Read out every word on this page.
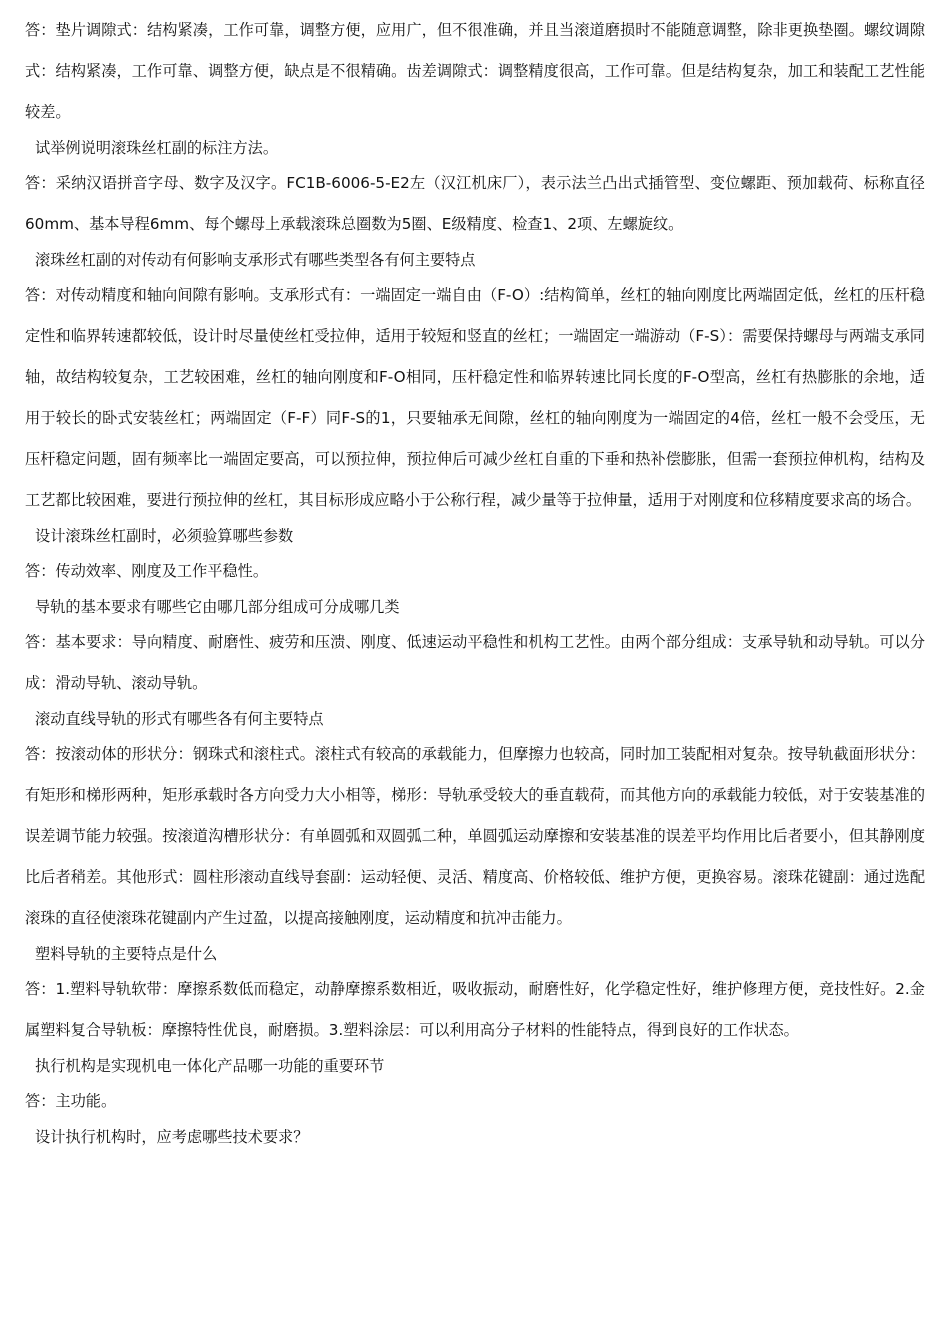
答：垫片调隙式：结构紧凑，工作可靠，调整方便，应用广，但不很准确，并且当滚道磨损时不能随意调整，除非更换垫圈。螺纹调隙式：结构紧凑，工作可靠、调整方便，缺点是不很精确。齿差调隙式：调整精度很高，工作可靠。但是结构复杂，加工和装配工艺性能较差。

试举例说明滚珠丝杠副的标注方法。

答：采纳汉语拼音字母、数字及汉字。FC1B-6006-5-E2左（汉江机床厂），表示法兰凸出式插管型、变位螺距、预加载荷、标称直径60mm、基本导程6mm、每个螺母上承载滚珠总圈数为5圈、E级精度、检查1、2项、左螺旋纹。

滚珠丝杠副的对传动有何影响支承形式有哪些类型各有何主要特点

答：对传动精度和轴向间隙有影响。支承形式有：一端固定一端自由（F-O）:结构简单，丝杠的轴向刚度比两端固定低，丝杠的压杆稳定性和临界转速都较低，设计时尽量使丝杠受拉伸，适用于较短和竖直的丝杠；一端固定一端游动（F-S）：需要保持螺母与两端支承同轴，故结构较复杂，工艺较困难，丝杠的轴向刚度和F-O相同，压杆稳定性和临界转速比同长度的F-O型高，丝杠有热膨胀的余地，适用于较长的卧式安装丝杠；两端固定（F-F）同F-S的1，只要轴承无间隙，丝杠的轴向刚度为一端固定的4倍，丝杠一般不会受压，无压杆稳定问题，固有频率比一端固定要高，可以预拉伸，预拉伸后可减少丝杠自重的下垂和热补偿膨胀，但需一套预拉伸机构，结构及工艺都比较困难，要进行预拉伸的丝杠，其目标形成应略小于公称行程，减少量等于拉伸量，适用于对刚度和位移精度要求高的场合。

设计滚珠丝杠副时，必须验算哪些参数

答：传动效率、刚度及工作平稳性。

导轨的基本要求有哪些它由哪几部分组成可分成哪几类

答：基本要求：导向精度、耐磨性、疲劳和压溃、刚度、低速运动平稳性和机构工艺性。由两个部分组成：支承导轨和动导轨。可以分成：滑动导轨、滚动导轨。

滚动直线导轨的形式有哪些各有何主要特点

答：按滚动体的形状分：钢珠式和滚柱式。滚柱式有较高的承载能力，但摩擦力也较高，同时加工装配相对复杂。按导轨截面形状分：有矩形和梯形两种，矩形承载时各方向受力大小相等，梯形：导轨承受较大的垂直载荷，而其他方向的承载能力较低，对于安装基准的误差调节能力较强。按滚道沟槽形状分：有单圆弧和双圆弧二种，单圆弧运动摩擦和安装基准的误差平均作用比后者要小，但其静刚度比后者稍差。其他形式：圆柱形滚动直线导套副：运动轻便、灵活、精度高、价格较低、维护方便，更换容易。滚珠花键副：通过选配滚珠的直径使滚珠花键副内产生过盈，以提高接触刚度，运动精度和抗冲击能力。

塑料导轨的主要特点是什么

答：1.塑料导轨软带：摩擦系数低而稳定，动静摩擦系数相近，吸收振动，耐磨性好，化学稳定性好，维护修理方便，竞技性好。2.金属塑料复合导轨板：摩擦特性优良，耐磨损。3.塑料涂层：可以利用高分子材料的性能特点，得到良好的工作状态。

执行机构是实现机电一体化产品哪一功能的重要环节

答：主功能。

设计执行机构时，应考虑哪些技术要求？
